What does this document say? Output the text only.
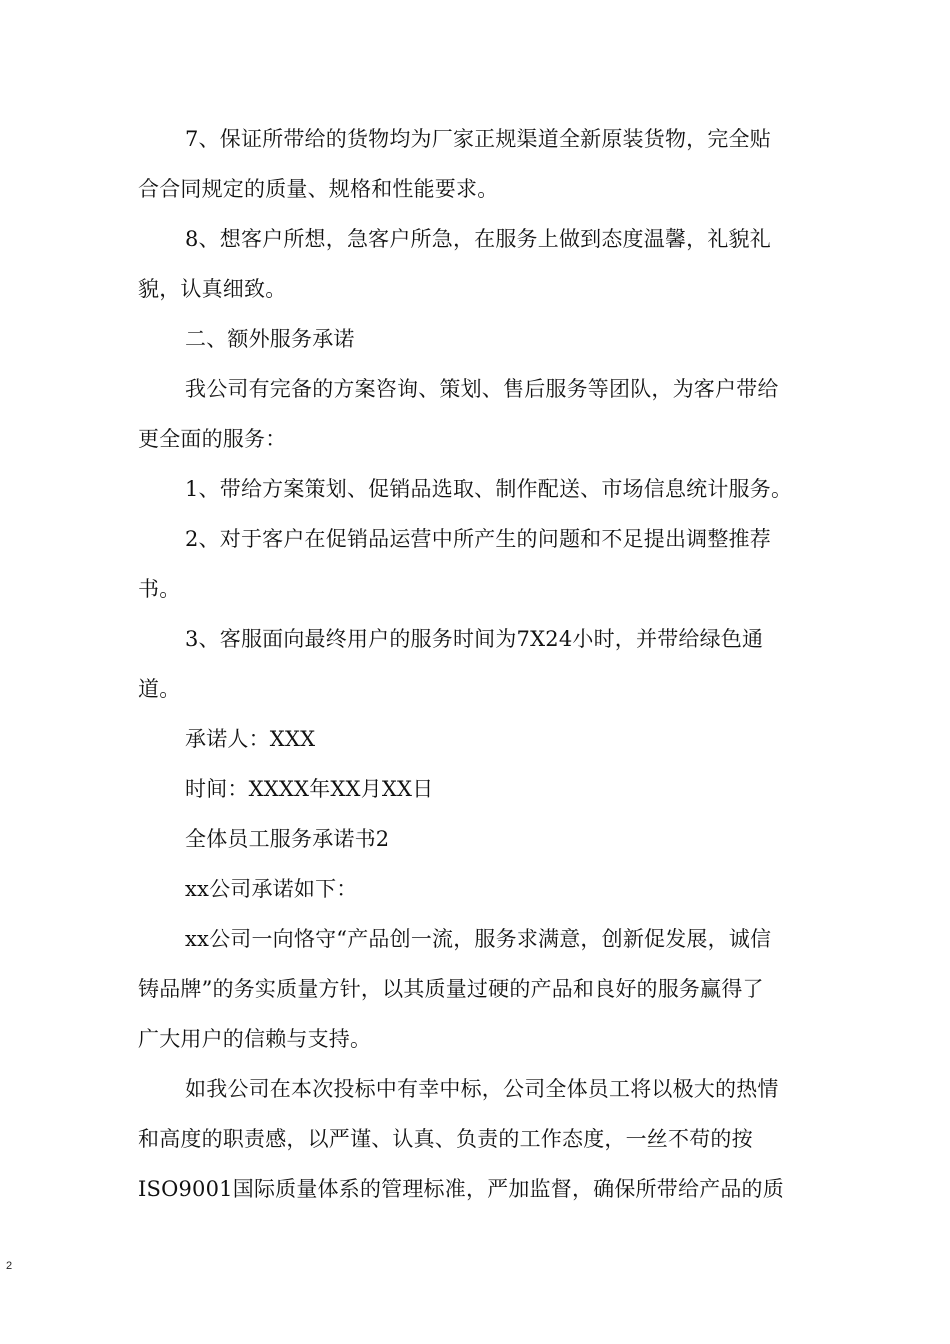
7、保证所带给的货物均为厂家正规渠道全新原装货物，完全贴
合合同规定的质量、规格和性能要求。
8、想客户所想，急客户所急，在服务上做到态度温馨，礼貌礼
貌，认真细致。
二、额外服务承诺
我公司有完备的方案咨询、策划、售后服务等团队，为客户带给
更全面的服务：
1、带给方案策划、促销品选取、制作配送、市场信息统计服务。
2、对于客户在促销品运营中所产生的问题和不足提出调整推荐
书。
3、客服面向最终用户的服务时间为7X24小时，并带给绿色通
道。
承诺人：XXX
时间：XXXX年XX月XX日
全体员工服务承诺书2
xx公司承诺如下：
xx公司一向恪守“产品创一流，服务求满意，创新促发展，诚信
铸品牌”的务实质量方针，以其质量过硬的产品和良好的服务赢得了
广大用户的信赖与支持。
如我公司在本次投标中有幸中标，公司全体员工将以极大的热情
和高度的职责感，以严谨、认真、负责的工作态度，一丝不苟的按
ISO9001国际质量体系的管理标准，严加监督，确保所带给产品的质
2
